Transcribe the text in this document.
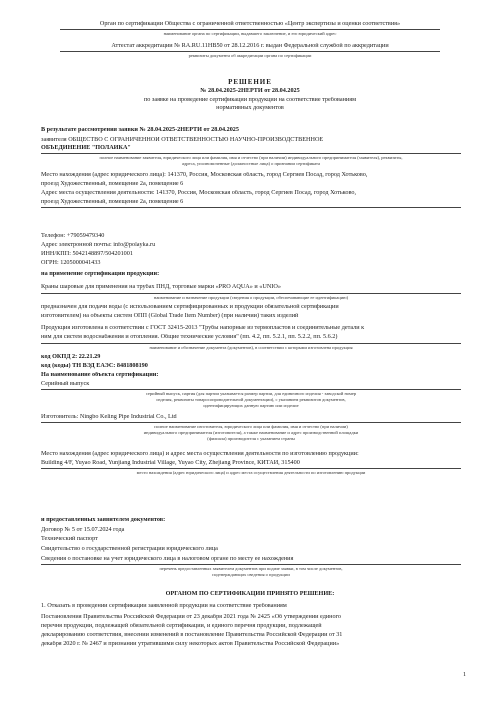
Орган по сертификации Общества с ограниченной ответственностью «Центр экспертизы и оценки соответствия»
наименование органа по сертификации, выдавшего заключение, и его юридический адрес
Аттестат аккредитации № RA.RU.11НВ50 от 28.12.2016 г. выдан Федеральной службой по аккредитации
реквизиты документа об аккредитации органа по сертификации
РЕШЕНИЕ
№ 28.04.2025-2НЕРТИ от 28.04.2025
по заявке на проведение сертификации продукции на соответствие требованиям
нормативных документов
В результате рассмотрения заявки № 28.04.2025-2НЕРТИ от 28.04.2025
заявителя ОБЩЕСТВО С ОГРАНИЧЕННОЙ ОТВЕТСТВЕННОСТЬЮ НАУЧНО-ПРОИЗВОДСТВЕННОЕ
ОБЪЕДИНЕНИЕ "ПОЛАЙКА"
полное наименование заявителя, юридического лица или фамилия, имя и отчество (при наличии) индивидуального предпринимателя (заявителя), реквизиты,
адреса, уполномоченные (должностные лица) о признании сертификата
Место нахождения (адрес юридического лица): 141370, Россия, Московская область, город Сергиев Посад, город Хотьково,
проезд Художественный, помещение 2а, помещение 6
Адрес места осуществления деятельности: 141370, Россия, Московская область, город Сергиев Посад, город Хотьково,
проезд Художественный, помещение 2а, помещение 6
Телефон: +79059479340
Адрес электронной почты: info@polayka.ru
ИНН/КПП: 5042148897/504201001
ОГРН: 1205000041433
на применение сертификации продукции:
Краны шаровые для применения на трубах ПНД, торговые марки «PRO AQUA» и «UNIO»
наименование и назначение продукции (сведения о продукции, обеспечивающие ее идентификацию)
предназначен для подачи воды (с использованием сертифицированных и продукции обязательной сертификации
изготовителем) на объекты систем ОПП (Global Trade Item Number) (при наличии) таких изделий
Продукция изготовлена в соответствии с ГОСТ 32415-2013 "Трубы напорные из термопластов и соединительные детали к
ним для систем водоснабжения и отопления. Общие технические условия" (пп. 4.2, пп. 5.2.1, пп. 5.2.2, пп. 5.6.2)
наименование и обозначение документа (документов), в соответствии с которыми изготовлена продукция
код ОКПД 2: 22.21.29
код (коды) ТН ВЭД ЕАЭС: 8481808190
На наименование объекта сертификации:
Серийный выпуск
серийный выпуск, партия (для партии указывается размер партии, для единичного изделия - заводской номер
изделия, реквизиты товаросопроводительной документации), с указанием реквизитов документов,
идентифицирующих данную партию или изделие
Изготовитель: Ningbo Keling Pipe Industrial Co., Ltd
полное наименование изготовителя, юридического лица или фамилия, имя и отчество (при наличии)
индивидуального предпринимателя (изготовителя), а также наименование и адрес производственной площадки
(филиала) производителя с указанием страны
Место нахождения (адрес юридического лица) и адрес места осуществления деятельности по изготовлению продукции:
Building 4/F, Yuyao Road, Yunjiang Industrial Village, Yuyao City, Zhejiang Province, КИТАЙ, 315400
место нахождения (адрес юридического лица) и адрес места осуществления деятельности по изготовлению продукции
и предоставленных заявителем документов:
Договор № 5 от 15.07.2024 года
Технический паспорт
Свидетельство о государственной регистрации юридического лица
Сведения о постановке на учет юридического лица в налоговом органе по месту ее нахождения
перечень предоставленных заявителем документов при подаче заявки, в том числе документов,
подтверждающих сведения о продукции
ОРГАНОМ ПО СЕРТИФИКАЦИИ ПРИНЯТО РЕШЕНИЕ:
1. Отказать в проведении сертификации заявленной продукции на соответствие требованиям
Постановления Правительства Российской Федерации от 23 декабря 2021 года № 2425 «Об утверждении единого
перечня продукции, подлежащей обязательной сертификации, и единого перечня продукции, подлежащей
декларированию соответствия, внесении изменений в постановление Правительства Российской Федерации от 31
декабря 2020 г. № 2467 и признании утратившими силу некоторых актов Правительства Российской Федерации»
1
